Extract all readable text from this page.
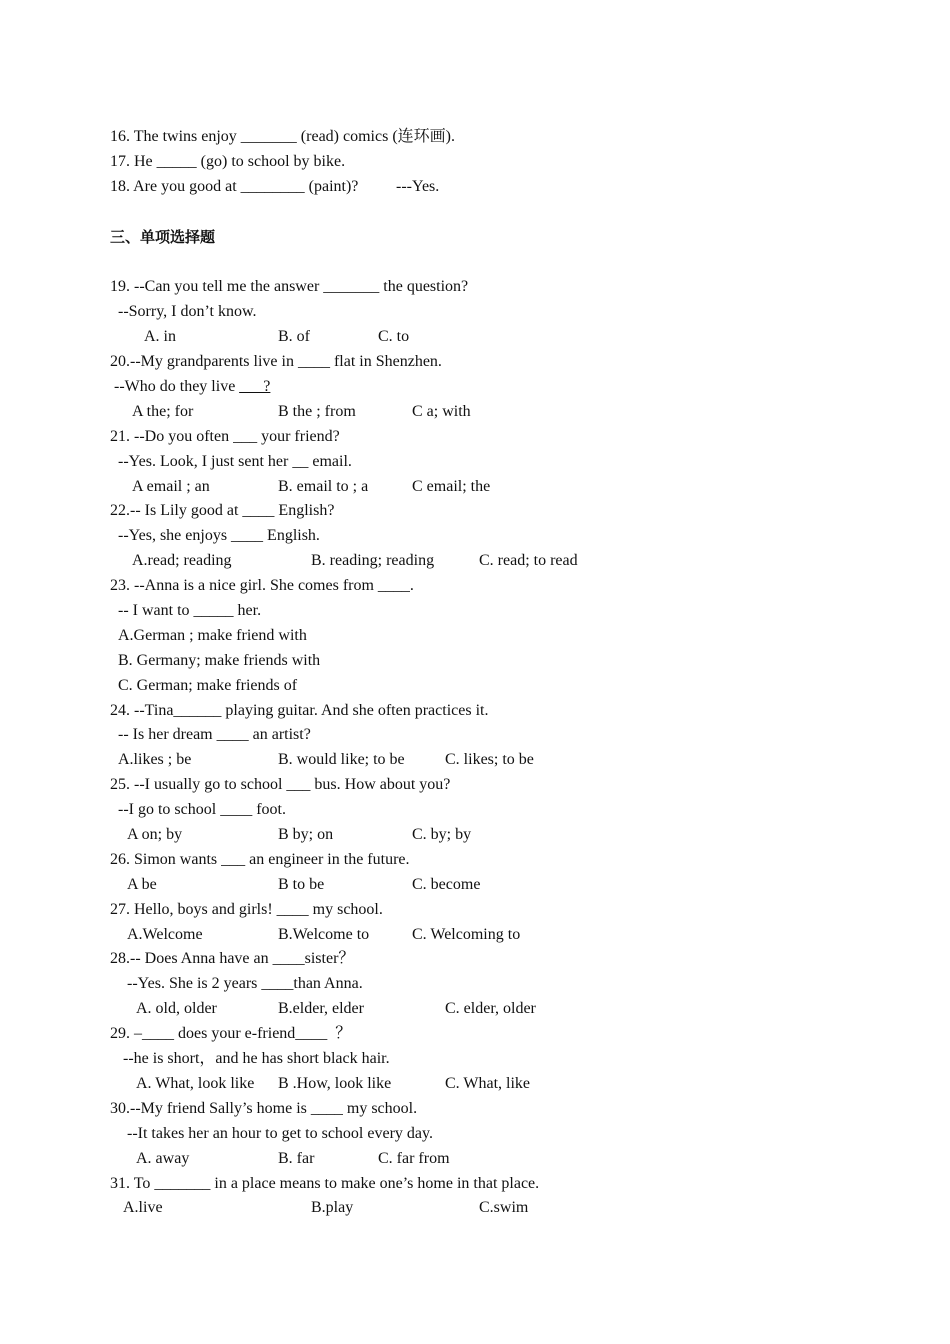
16. The twins enjoy _______ (read) comics (连环画).
17. He _____ (go) to school by bike.
18. Are you good at ________ (paint)? ---Yes.
三、单项选择题
19. --Can you tell me the answer _______ the question?
--Sorry, I don’t know.
A. in	B. of	C. to
20.--My grandparents live in ____ flat in Shenzhen.
--Who do they live ___?
A the; for	B the ; from	C a; with
21. --Do you often ___ your friend?
--Yes. Look, I just sent her __ email.
A email ; an	B. email to ; a	C email; the
22.-- Is Lily good at ____ English?
--Yes, she enjoys ____ English.
A.read; reading	B. reading; reading	C. read; to read
23. --Anna is a nice girl. She comes from ____.
-- I want to _____ her.
A.German ; make friend with
B. Germany; make friends with
C. German; make friends of
24. --Tina______ playing guitar. And she often practices it.
-- Is her dream ____ an artist?
A.likes ; be	B. would like; to be	C. likes; to be
25. --I usually go to school ___ bus. How about you?
--I go to school ____ foot.
A on; by	B by; on	C. by; by
26. Simon wants ___ an engineer in the future.
A be	B to be	C. become
27. Hello, boys and girls! ____ my school.
A.Welcome	B.Welcome to	C. Welcoming to
28.-- Does Anna have an ____sister？
--Yes. She is 2 years ____than Anna.
A. old, older	B.elder, elder	C. elder, older
29. –____ does your e-friend____  ？
--he is short，and he has short black hair.
A. What, look like B .How, look like	C. What, like
30.--My friend Sally’s home is ____ my school.
--It takes her an hour to get to school every day.
A. away	B. far	C. far from
31. To _______ in a place means to make one’s home in that place.
A.live	B.play	C.swim
